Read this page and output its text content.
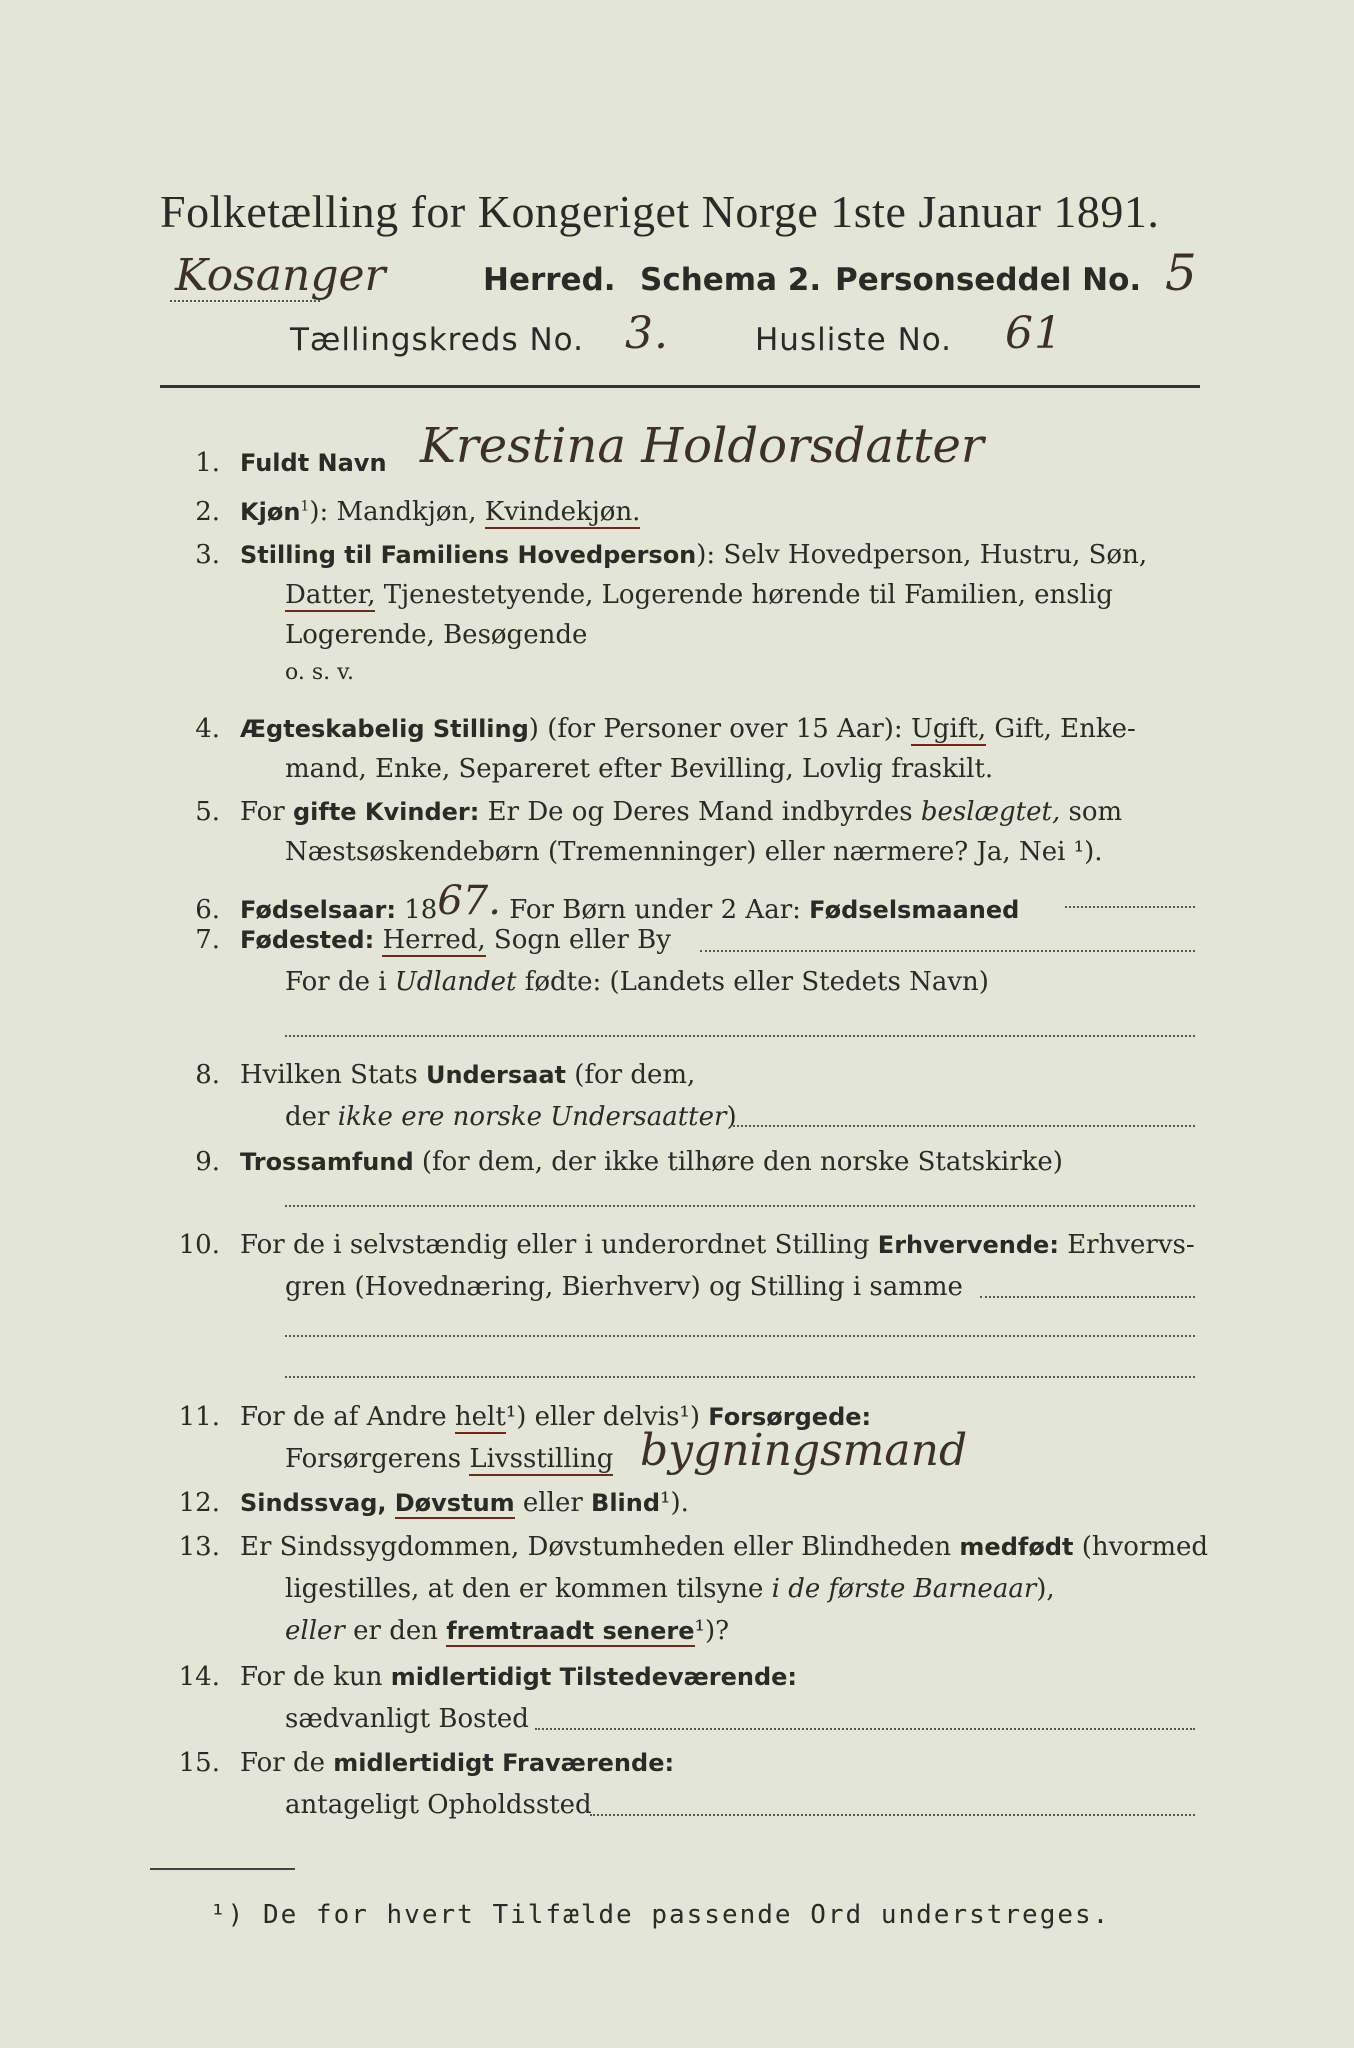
Folketælling for Kongeriget Norge 1ste Januar 1891.
Kosanger	Herred. Schema 2. Personseddel No. 5
Tællingskreds No. 3.	Husliste No. 61
1. Fuldt Navn Krestina Holdorsdatter
2. Kjøn$^1$): Mandkjøn, Kvindekjøn.
3. Stilling til Familiens Hovedperson): Selv Hovedperson, Hustru, Søn,
Datter, Tjenestetyende, Logerende hørende til Familien, enslig
Logerende, Besøgende
o. s. v.
4. Ægteskabelig Stilling) (for Personer over 15 Aar): Ugift, Gift, Enke-
mand, Enke, Separeret efter Bevilling, Lovlig fraskilt.
5. For gifte Kvinder: Er De og Deres Mand indbyrdes beslægtet, som
Næstsøskendebørn (Tremenninger) eller nærmere? Ja, Nei ¹).
6. Fødselsaar: 1867. For Børn under 2 Aar: Fødselsmaaned
7. Fødested: Herred, Sogn eller By
For de i Udlandet fødte: (Landets eller Stedets Navn)
8. Hvilken Stats Undersaat (for dem,
der ikke ere norske Undersaatter)
9. Trossamfund (for dem, der ikke tilhøre den norske Statskirke)
10. For de i selvstændig eller i underordnet Stilling Erhvervende: Erhvervs-
gren (Hovednæring, Bierhverv) og Stilling i samme
11. For de af Andre helt¹) eller delvis¹) Forsørgede:
Forsørgerens Livsstilling bygningsmand
12. Sindssvag, Døvstum eller Blind¹).
13. Er Sindssygdommen, Døvstumheden eller Blindheden medfødt (hvormed
ligestilles, at den er kommen tilsyne i de første Barneaar),
eller er den fremtraadt senere¹)?
14. For de kun midlertidigt Tilstedeværende:
sædvanligt Bosted
15. For de midlertidigt Fraværende:
antageligt Opholdssted
¹) De for hvert Tilfælde passende Ord understreges.
